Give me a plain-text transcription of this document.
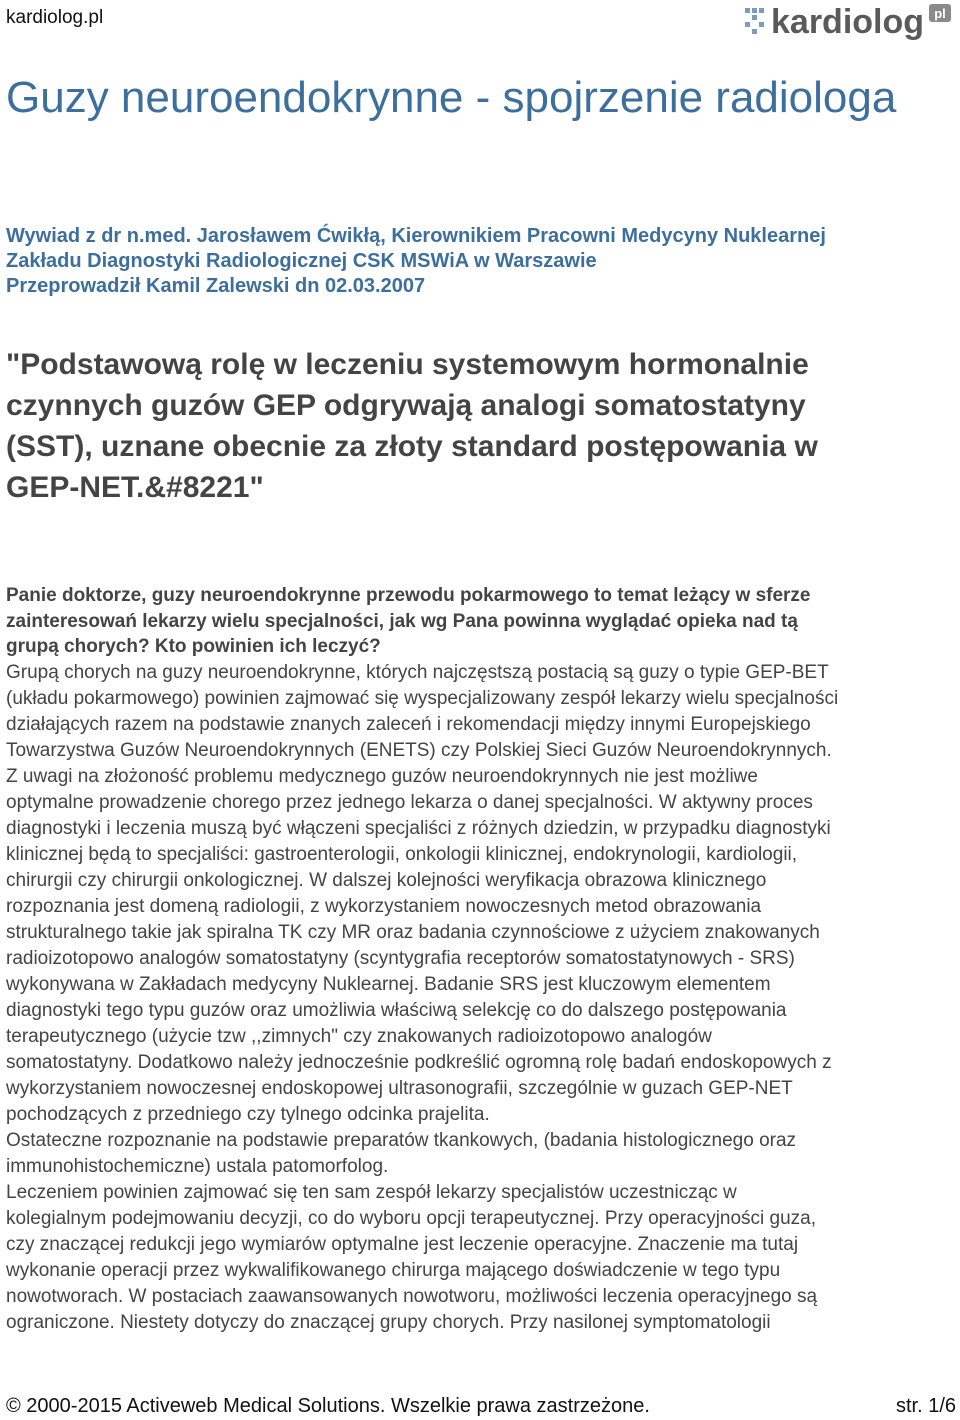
kardiolog.pl	kardiolog pl
Guzy neuroendokrynne - spojrzenie radiologa
Wywiad z dr n.med. Jarosławem Ćwikłą, Kierownikiem Pracowni Medycyny Nuklearnej
Zakładu Diagnostyki Radiologicznej CSK MSWiA w Warszawie
Przeprowadził Kamil Zalewski dn 02.03.2007
"Podstawową rolę w leczeniu systemowym hormonalnie
czynnych guzów GEP odgrywają analogi somatostatyny
(SST), uznane obecnie za złoty standard postępowania w
GEP-NET.&#8221"
Panie doktorze, guzy neuroendokrynne przewodu pokarmowego to temat leżący w sferze
zainteresowań lekarzy wielu specjalności, jak wg Pana powinna wyglądać opieka nad tą
grupą chorych? Kto powinien ich leczyć?
Grupą chorych na guzy neuroendokrynne, których najczęstszą postacią są guzy o typie GEP-BET
(układu pokarmowego) powinien zajmować się wyspecjalizowany zespół lekarzy wielu specjalności
działających razem na podstawie znanych zaleceń i rekomendacji między innymi Europejskiego
Towarzystwa Guzów Neuroendokrynnych (ENETS) czy Polskiej Sieci Guzów Neuroendokrynnych.
Z uwagi na złożoność problemu medycznego guzów neuroendokrynnych nie jest możliwe
optymalne prowadzenie chorego przez jednego lekarza o danej specjalności. W aktywny proces
diagnostyki i leczenia muszą być włączeni specjaliści z różnych dziedzin, w przypadku diagnostyki
klinicznej będą to specjaliści: gastroenterologii, onkologii klinicznej, endokrynologii, kardiologii,
chirurgii czy chirurgii onkologicznej. W dalszej kolejności weryfikacja obrazowa klinicznego
rozpoznania jest domeną radiologii, z wykorzystaniem nowoczesnych metod obrazowania
strukturalnego takie jak spiralna TK czy MR oraz badania czynnościowe z użyciem znakowanych
radioizotopowo analogów somatostatyny (scyntygrafia receptorów somatostatynowych - SRS)
wykonywana w Zakładach medycyny Nuklearnej. Badanie SRS jest kluczowym elementem
diagnostyki tego typu guzów oraz umożliwia właściwą selekcję co do dalszego postępowania
terapeutycznego (użycie tzw ,,zimnych" czy znakowanych radioizotopowo analogów
somatostatyny. Dodatkowo należy jednocześnie podkreślić ogromną rolę badań endoskopowych z
wykorzystaniem nowoczesnej endoskopowej ultrasonografii, szczególnie w guzach GEP-NET
pochodzących z przedniego czy tylnego odcinka prajelita.
Ostateczne rozpoznanie na podstawie preparatów tkankowych, (badania histologicznego oraz
immunohistochemiczne) ustala patomorfolog.
Leczeniem powinien zajmować się ten sam zespół lekarzy specjalistów uczestnicząc w
kolegialnym podejmowaniu decyzji, co do wyboru opcji terapeutycznej. Przy operacyjności guza,
czy znaczącej redukcji jego wymiarów optymalne jest leczenie operacyjne. Znaczenie ma tutaj
wykonanie operacji przez wykwalifikowanego chirurga mającego doświadczenie w tego typu
nowotworach. W postaciach zaawansowanych nowotworu, możliwości leczenia operacyjnego są
ograniczone. Niestety dotyczy do znaczącej grupy chorych. Przy nasilonej symptomatologii
© 2000-2015 Activeweb Medical Solutions. Wszelkie prawa zastrzeżone.	str. 1/6
